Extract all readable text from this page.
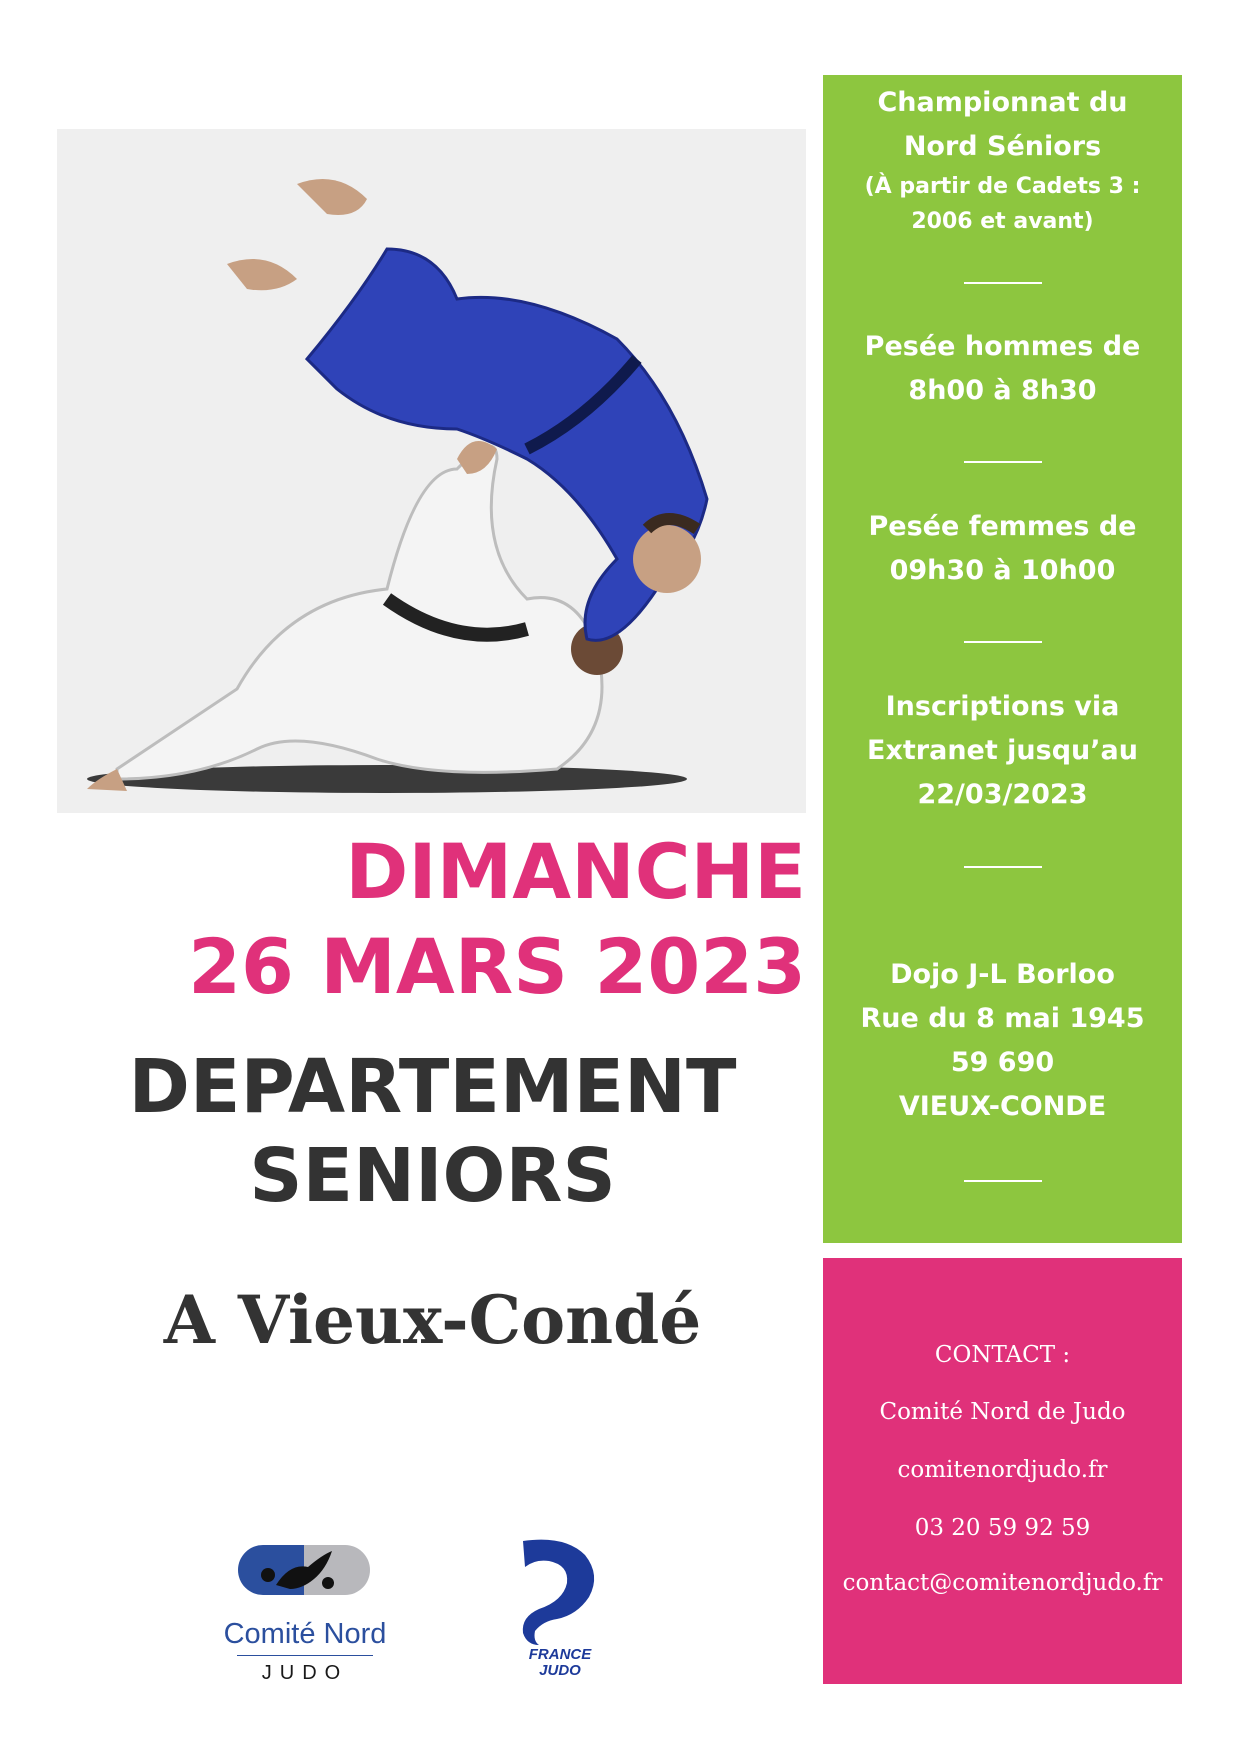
DIMANCHE
26 MARS 2023
DEPARTEMENT
SENIORS
A Vieux-Condé
Championnat du
Nord Séniors
(À partir de Cadets 3 :
2006 et avant)
Pesée hommes de
8h00 à 8h30
Pesée femmes de
09h30 à 10h00
Inscriptions via
Extranet jusqu’au
22/03/2023
Dojo J-L Borloo
Rue du 8 mai 1945
59 690
VIEUX-CONDE
CONTACT :
Comité Nord de Judo
comitenordjudo.fr
03 20 59 92 59
contact@comitenordjudo.fr
Comité Nord
JUDO
FRANCE
JUDO
